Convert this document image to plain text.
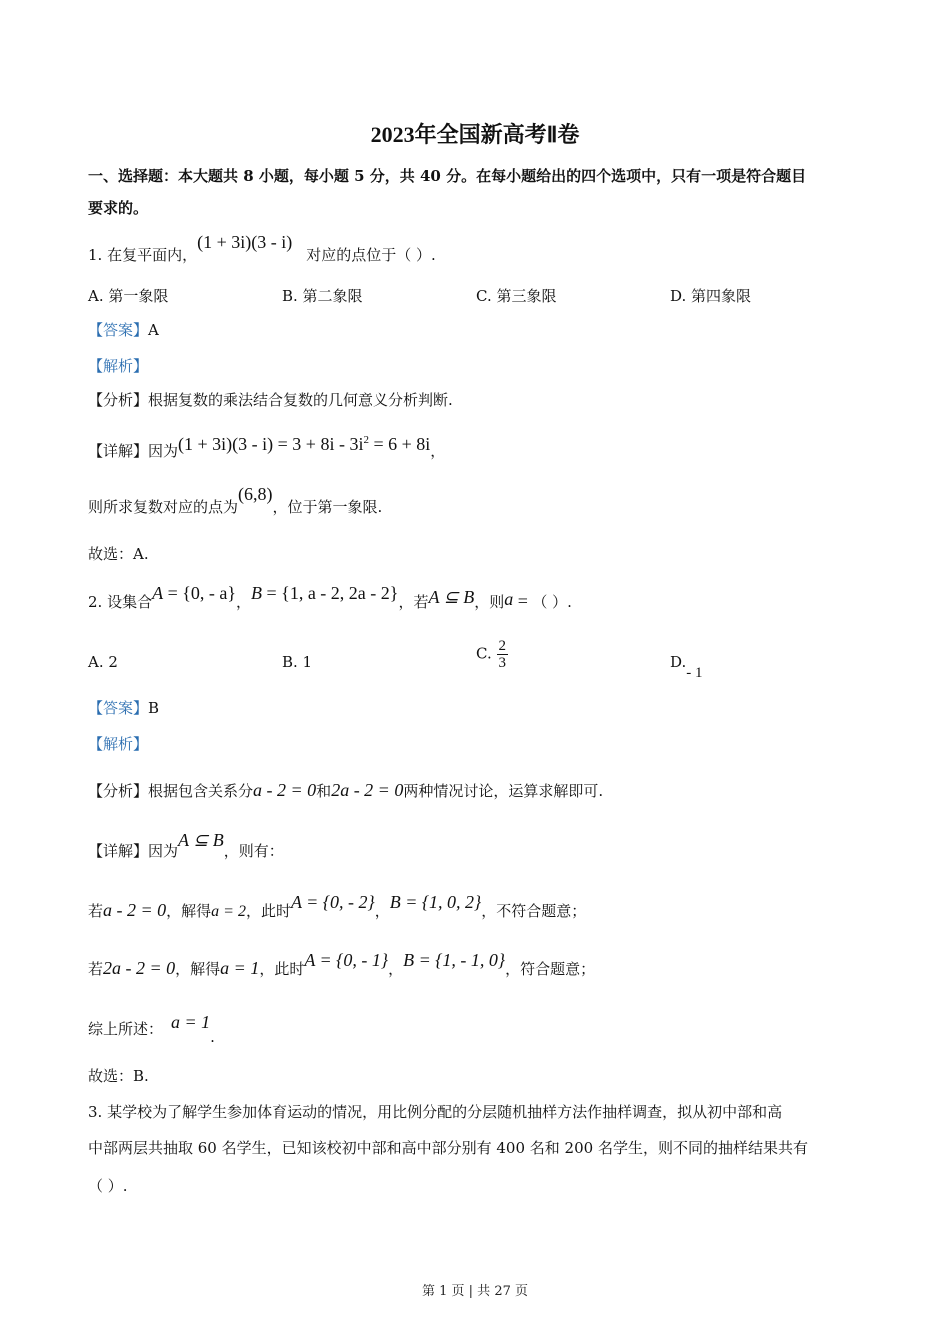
2023年全国新高考Ⅱ卷
一、选择题：本大题共 8 小题，每小题 5 分，共 40 分。在每小题给出的四个选项中，只有一项是符合题目
要求的。
1. 在复平面内，(1 + 3i)(3 - i)对应的点位于（ ）.
A. 第一象限	B. 第二象限	C. 第三象限	D. 第四象限
【答案】A
【解析】
【分析】根据复数的乘法结合复数的几何意义分析判断.
【详解】因为$(1 + 3i)(3 - i) = 3 + 8i - 3i^2 = 6 + 8i$，
则所求复数对应的点为(6,8)，位于第一象限.
故选：A.
2. 设集合A = {0, - a}，B = {1, a - 2, 2a - 2}，若A ⊆ B，则a = （ ）.
A. 2	B. 1	C. $\frac{2}{3}$	D.- 1
【答案】B
【解析】
【分析】根据包含关系分a - 2 = 0和2a - 2 = 0两种情况讨论，运算求解即可.
【详解】因为A ⊆ B，则有：
若a - 2 = 0，解得a = 2，此时A = {0, - 2}，B = {1, 0, 2}，不符合题意；
若2a - 2 = 0，解得a = 1，此时A = {0, - 1}，B = {1, - 1, 0}，符合题意；
综上所述： a = 1.
故选：B.
3. 某学校为了解学生参加体育运动的情况，用比例分配的分层随机抽样方法作抽样调查，拟从初中部和高
中部两层共抽取 60 名学生，已知该校初中部和高中部分别有 400 名和 200 名学生，则不同的抽样结果共有
（ ）.
第 1 页 | 共 27 页
